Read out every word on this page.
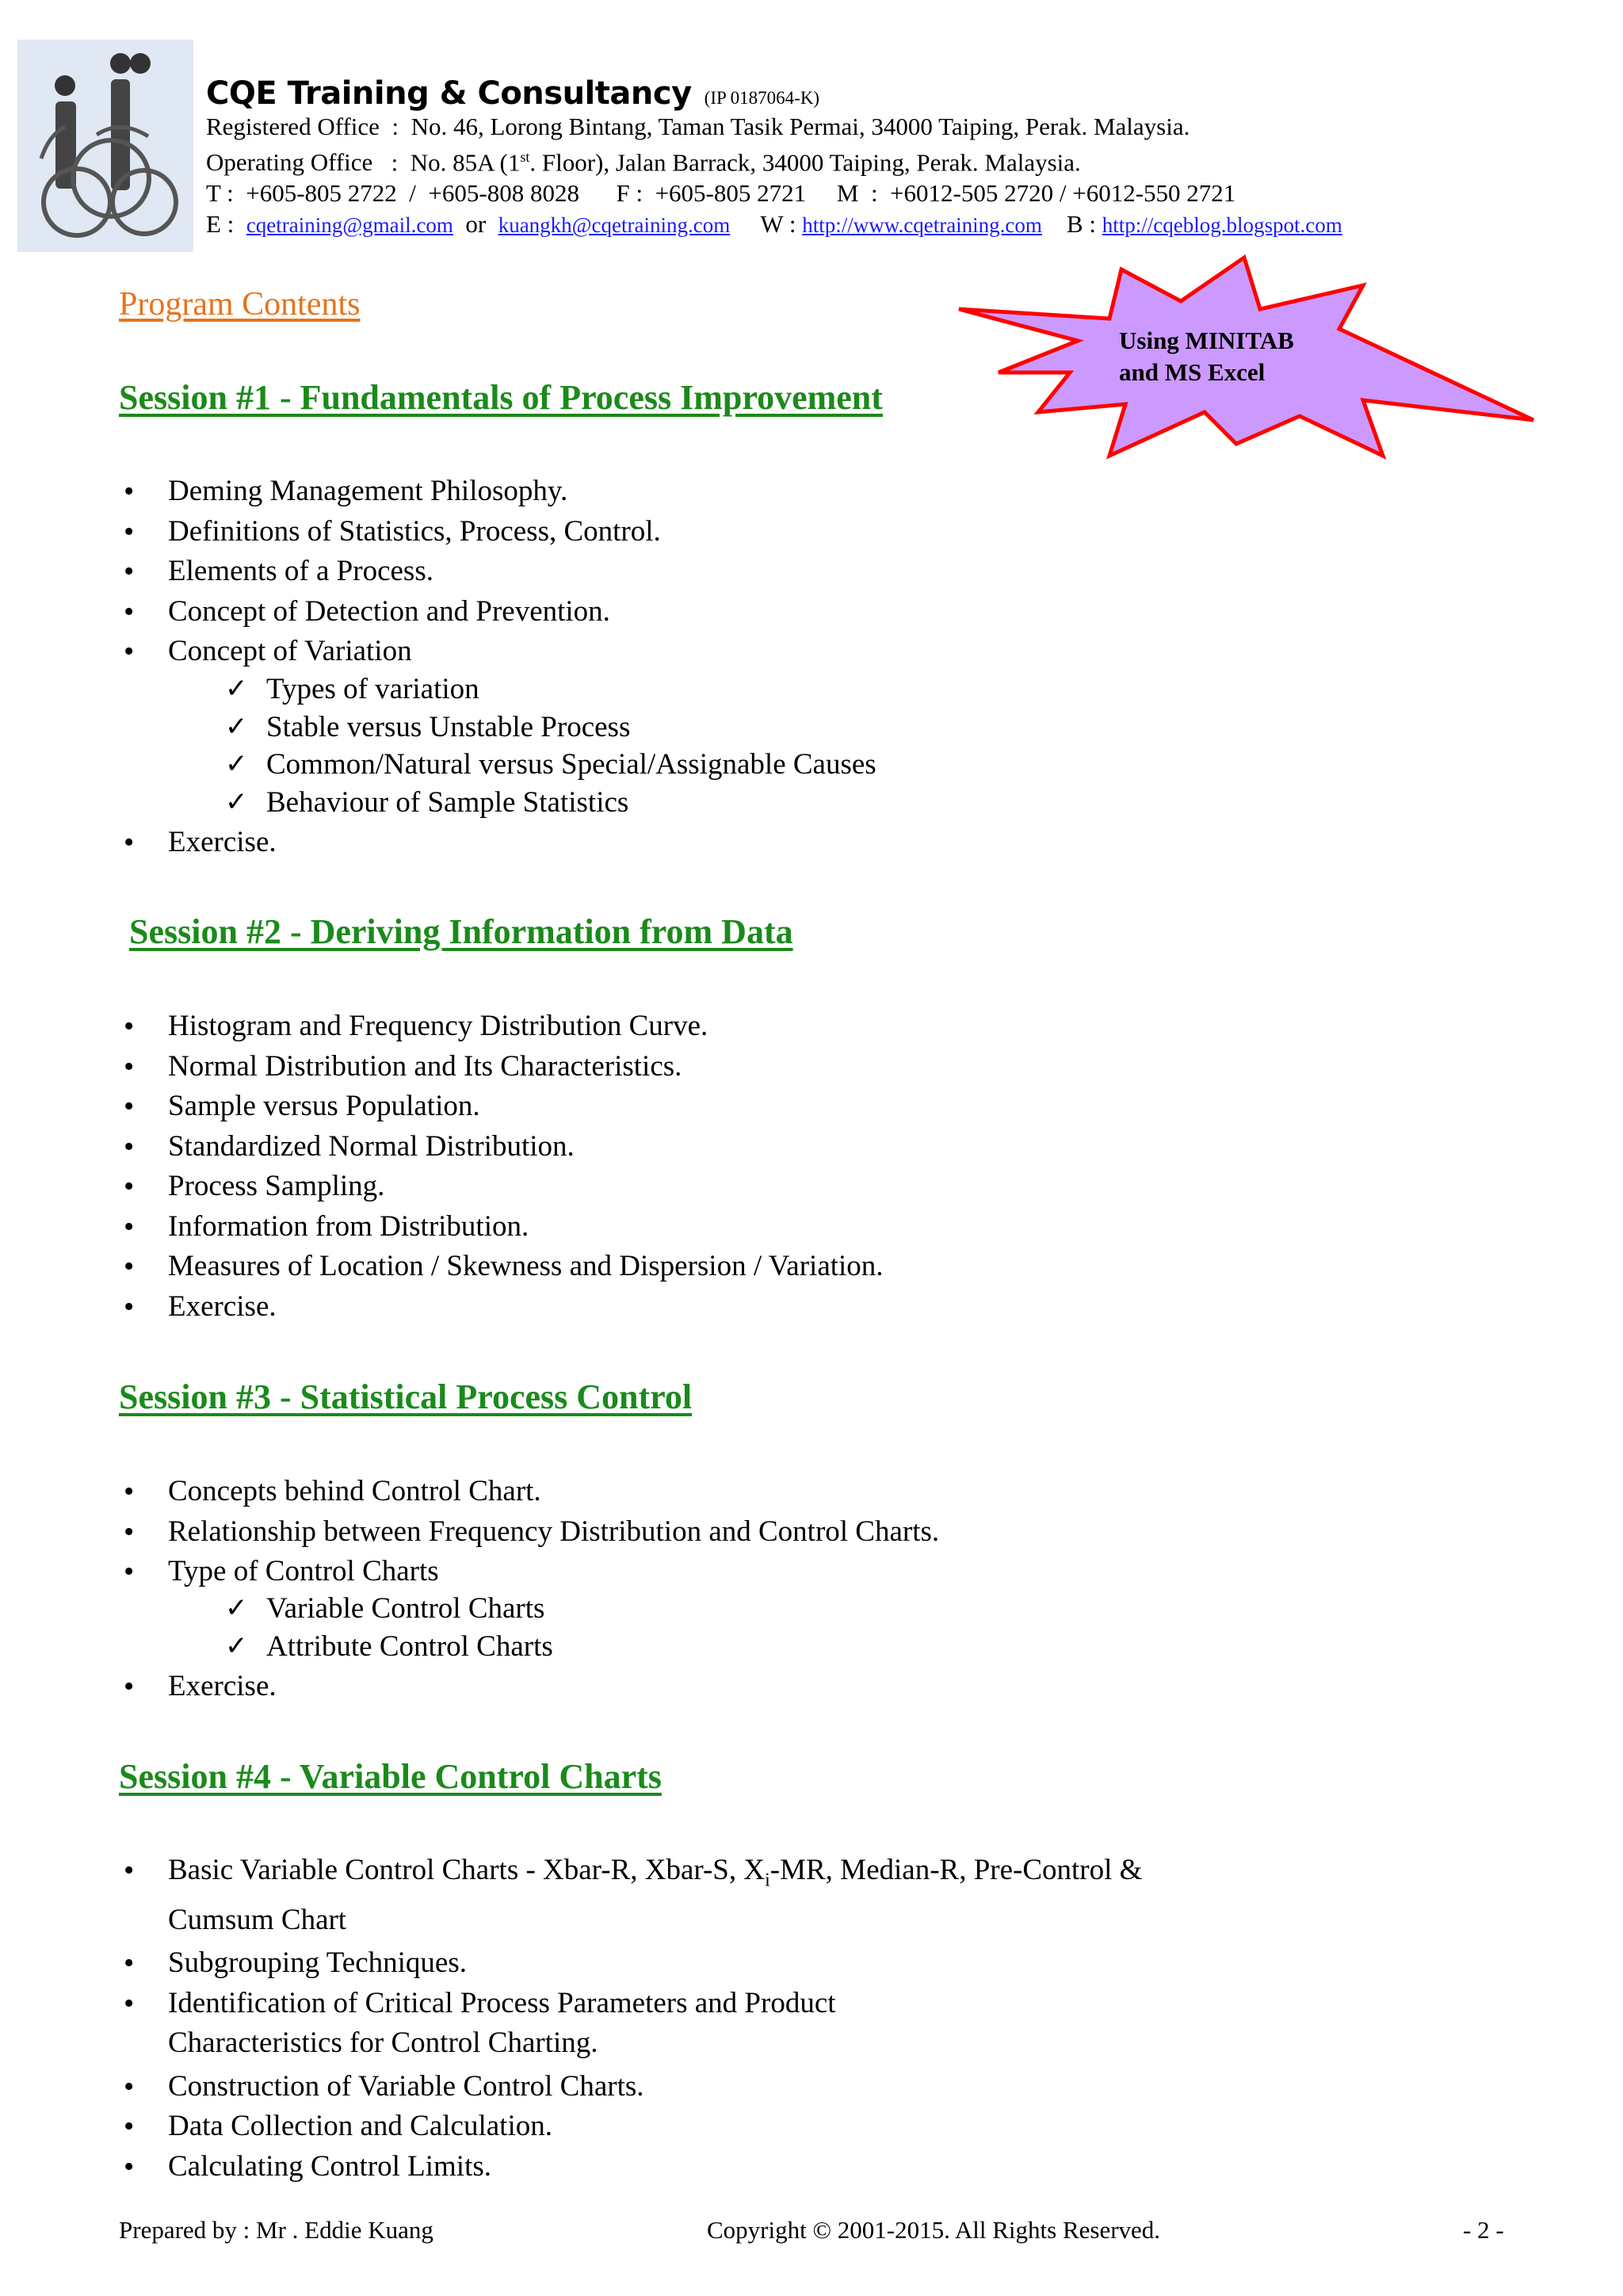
CQE Training & Consultancy (IP 0187064-K)
Registered Office  :  No. 46, Lorong Bintang, Taman Tasik Permai, 34000 Taiping, Perak. Malaysia.
Operating Office   :  No. 85A (1st. Floor), Jalan Barrack, 34000 Taiping, Perak. Malaysia.
T :  +605-805 2722  /  +605-808 8028      F :  +605-805 2721     M  :  +6012-505 2720 / +6012-550 2721
E : cqetraining@gmail.com or kuangkh@cqetraining.com W : http://www.cqetraining.com B : http://cqeblog.blogspot.com
Using MINITAB
and MS Excel
Program Contents
Session #1 - Fundamentals of Process Improvement
• Deming Management Philosophy.
• Definitions of Statistics, Process, Control.
• Elements of a Process.
• Concept of Detection and Prevention.
• Concept of Variation
✓ Types of variation
✓ Stable versus Unstable Process
✓ Common/Natural versus Special/Assignable Causes
✓ Behaviour of Sample Statistics
• Exercise.
Session #2 - Deriving Information from Data
• Histogram and Frequency Distribution Curve.
• Normal Distribution and Its Characteristics.
• Sample versus Population.
• Standardized Normal Distribution.
• Process Sampling.
• Information from Distribution.
• Measures of Location / Skewness and Dispersion / Variation.
• Exercise.
Session #3 - Statistical Process Control
• Concepts behind Control Chart.
• Relationship between Frequency Distribution and Control Charts.
• Type of Control Charts
✓ Variable Control Charts
✓ Attribute Control Charts
• Exercise.
Session #4 - Variable Control Charts
• Basic Variable Control Charts - Xbar-R, Xbar-S, $X_i-MR$, Median-R, Pre-Control &
Cumsum Chart
• Subgrouping Techniques.
• Identification of Critical Process Parameters and Product
Characteristics for Control Charting.
• Construction of Variable Control Charts.
• Data Collection and Calculation.
• Calculating Control Limits.
Prepared by : Mr . Eddie Kuang	Copyright © 2001-2015. All Rights Reserved.	- 2 -
